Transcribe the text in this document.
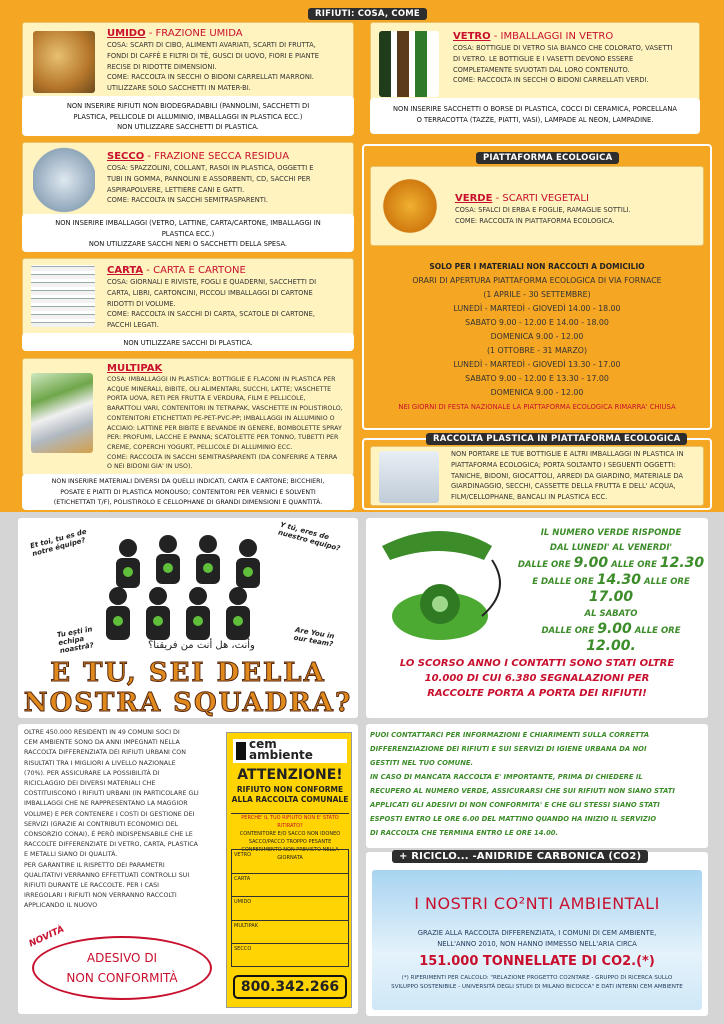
RIFIUTI: COSA, COME
UMIDO - FRAZIONE UMIDA
COSA: SCARTI DI CIBO, ALIMENTI AVARIATI, SCARTI DI FRUTTA,
FONDI DI CAFFÈ E FILTRI DI TÈ, GUSCI DI UOVO, FIORI E PIANTE
RECISE DI RIDOTTE DIMENSIONI.
COME: RACCOLTA IN SECCHI O BIDONI CARRELLATI MARRONI.
UTILIZZARE SOLO SACCHETTI IN MATER-BI.
NON INSERIRE RIFIUTI NON BIODEGRADABILI (PANNOLINI, SACCHETTI DI
PLASTICA, PELLICOLE DI ALLUMINIO, IMBALLAGGI IN PLASTICA ECC.)
NON UTILIZZARE SACCHETTI DI PLASTICA.
VETRO - IMBALLAGGI IN VETRO
COSA: BOTTIGLIE DI VETRO SIA BIANCO CHE COLORATO, VASETTI
DI VETRO. LE BOTTIGLIE E I VASETTI DEVONO ESSERE
COMPLETAMENTE SVUOTATI DAL LORO CONTENUTO.
COME: RACCOLTA IN SECCHI O BIDONI CARRELLATI VERDI.
NON INSERIRE SACCHETTI O BORSE DI PLASTICA, COCCI DI CERAMICA, PORCELLANA
O TERRACOTTA (TAZZE, PIATTI, VASI), LAMPADE AL NEON, LAMPADINE.
SECCO - FRAZIONE SECCA RESIDUA
COSA: SPAZZOLINI, COLLANT, RASOI IN PLASTICA, OGGETTI E
TUBI IN GOMMA, PANNOLINI E ASSORBENTI, CD, SACCHI PER
ASPIRAPOLVERE, LETTIERE CANI E GATTI.
COME: RACCOLTA IN SACCHI SEMITRASPARENTI.
NON INSERIRE IMBALLAGGI (VETRO, LATTINE, CARTA/CARTONE, IMBALLAGGI IN
PLASTICA ECC.)
NON UTILIZZARE SACCHI NERI O SACCHETTI DELLA SPESA.
CARTA - CARTA E CARTONE
COSA: GIORNALI E RIVISTE, FOGLI E QUADERNI, SACCHETTI DI
CARTA, LIBRI, CARTONCINI, PICCOLI IMBALLAGGI DI CARTONE
RIDOTTI DI VOLUME.
COME: RACCOLTA IN SACCHI DI CARTA, SCATOLE DI CARTONE,
PACCHI LEGATI.
NON UTILIZZARE SACCHI DI PLASTICA.
MULTIPAK
COSA: IMBALLAGGI IN PLASTICA: BOTTIGLIE E FLACONI IN PLASTICA PER
ACQUE MINERALI, BIBITE, OLI ALIMENTARI, SUCCHI, LATTE; VASCHETTE
PORTA UOVA, RETI PER FRUTTA E VERDURA, FILM E PELLICOLE,
BARATTOLI VARI, CONTENITORI IN TETRAPAK, VASCHETTE IN POLISTIROLO,
CONTENITORI ETICHETTATI PE-PET-PVC-PP; IMBALLAGGI IN ALLUMINIO O
ACCIAIO: LATTINE PER BIBITE E BEVANDE IN GENERE, BOMBOLETTE SPRAY
PER: PROFUMI, LACCHE E PANNA; SCATOLETTE PER TONNO, TUBETTI PER
CREME, COPERCHI YOGURT, PELLICOLE DI ALLUMINIO ECC.
COME: RACCOLTA IN SACCHI SEMITRASPARENTI (DA CONFERIRE A TERRA
O NEI BIDONI GIA' IN USO).
NON INSERIRE MATERIALI DIVERSI DA QUELLI INDICATI, CARTA E CARTONE; BICCHIERI,
POSATE E PIATTI DI PLASTICA MONOUSO; CONTENITORI PER VERNICI E SOLVENTI
(ETICHETTATI T/F), POLISTIROLO E CELLOPHANE DI GRANDI DIMENSIONI E QUANTITÀ.
PIATTAFORMA ECOLOGICA
VERDE - SCARTI VEGETALI
COSA: SFALCI DI ERBA E FOGLIE, RAMAGLIE SOTTILI.
COME: RACCOLTA IN PIATTAFORMA ECOLOGICA.
SOLO PER I MATERIALI NON RACCOLTI A DOMICILIO
ORARI DI APERTURA PIATTAFORMA ECOLOGICA DI VIA FORNACE
(1 APRILE - 30 SETTEMBRE)
LUNEDÌ - MARTEDÌ - GIOVEDÌ 14.00 - 18.00
SABATO 9.00 - 12.00 E 14.00 - 18.00
DOMENICA 9.00 - 12.00
(1 OTTOBRE - 31 MARZO)
LUNEDÌ - MARTEDÌ - GIOVEDÌ 13.30 - 17.00
SABATO 9.00 - 12.00 E 13.30 - 17.00
DOMENICA 9.00 - 12.00
NEI GIORNI DI FESTA NAZIONALE LA PIATTAFORMA ECOLOGICA RIMARRA' CHIUSA
RACCOLTA PLASTICA IN PIATTAFORMA ECOLOGICA
NON PORTARE LE TUE BOTTIGLIE E ALTRI IMBALLAGGI IN PLASTICA IN
PIATTAFORMA ECOLOGICA; PORTA SOLTANTO I SEGUENTI OGGETTI:
TANICHE, BIDONI, GIOCATTOLI, ARREDI DA GIARDINO, MATERIALE DA
GIARDINAGGIO, SECCHI, CASSETTE DELLA FRUTTA E DELL' ACQUA,
FILM/CELLOPHANE, BANCALI IN PLASTICA ECC.
Et toi, tu es de notre équipe?
Y tú, eres de nuestro equipo?
Tu eşti în echipa noastră?
Are You in our team?
وأنت، هل أنت من فريقنا؟
E TU, SEI DELLA
NOSTRA SQUADRA?
IL NUMERO VERDE RISPONDE
DAL LUNEDI' AL VENERDI'
DALLE ORE 9.00 ALLE ORE 12.30
E DALLE ORE 14.30 ALLE ORE 17.00
AL SABATO
DALLE ORE 9.00 ALLE ORE 12.00.
LO SCORSO ANNO I CONTATTI SONO STATI OLTRE
10.000 DI CUI 6.380 SEGNALAZIONI PER
RACCOLTE PORTA A PORTA DEI RIFIUTI!
OLTRE 450.000 RESIDENTI IN 49 COMUNI SOCI DI
CEM AMBIENTE SONO DA ANNI IMPEGNATI NELLA
RACCOLTA DIFFERENZIATA DEI RIFIUTI URBANI CON
RISULTATI TRA I MIGLIORI A LIVELLO NAZIONALE
(70%). PER ASSICURARE LA POSSIBILITÀ DI
RICICLAGGIO DEI DIVERSI MATERIALI CHE
COSTITUISCONO I RIFIUTI URBANI (IN PARTICOLARE GLI
IMBALLAGGI CHE NE RAPPRESENTANO LA MAGGIOR
VOLUME) E PER CONTENERE I COSTI DI GESTIONE DEI
SERVIZI (GRAZIE AI CONTRIBUTI ECONOMICI DEL
CONSORZIO CONAI), È PERÒ INDISPENSABILE CHE LE
RACCOLTE DIFFERENZIATE DI VETRO, CARTA, PLASTICA
E METALLI SIANO DI QUALITÀ.
PER GARANTIRE IL RISPETTO DEI PARAMETRI
QUALITATIVI VERRANNO EFFETTUATI CONTROLLI SUI
RIFIUTI DURANTE LE RACCOLTE. PER I CASI
IRREGOLARI I RIFIUTI NON VERRANNO RACCOLTI
APPLICANDO IL NUOVO
ADESIVO DI
NON CONFORMITÀ
NOVITÀ
cem
ambiente
ATTENZIONE!
RIFIUTO NON CONFORME
ALLA RACCOLTA COMUNALE
PERCHE' IL TUO RIFIUTO NON E' STATO RITIRATO?
CONTENITORE E/O SACCO NON IDONEO
SACCO/PACCO TROPPO PESANTE
CONFERIMENTO NON PREVISTO NELLA GIORNATA
VETRO
CARTA
UMIDO
MULTIPAK
SECCO
800.342.266
PUOI CONTATTARCI PER INFORMAZIONI E CHIARIMENTI SULLA CORRETTA
DIFFERENZIAZIONE DEI RIFIUTI E SUI SERVIZI DI IGIENE URBANA DA NOI
GESTITI NEL TUO COMUNE.
IN CASO DI MANCATA RACCOLTA E' IMPORTANTE, PRIMA DI CHIEDERE IL
RECUPERO AL NUMERO VERDE, ASSICURARSI CHE SUI RIFIUTI NON SIANO STATI
APPLICATI GLI ADESIVI DI NON CONFORMITA' E CHE GLI STESSI SIANO STATI
ESPOSTI ENTRO LE ORE 6.00 DEL MATTINO QUANDO HA INIZIO IL SERVIZIO
DI RACCOLTA CHE TERMINA ENTRO LE ORE 14.00.
+ RICICLO... -ANIDRIDE CARBONICA (CO2)
I NOSTRI CO²NTI AMBIENTALI
GRAZIE ALLA RACCOLTA DIFFERENZIATA, I COMUNI DI CEM AMBIENTE,
NELL'ANNO 2010, NON HANNO IMMESSO NELL'ARIA CIRCA
151.000 TONNELLATE DI CO2.(*)
(*) RIFERIMENTI PER CALCOLO: "RELAZIONE PROGETTO CO2NTARE - GRUPPO DI RICERCA SULLO
SVILUPPO SOSTENIBILE - UNIVERSITÀ DEGLI STUDI DI MILANO BICOCCA" E DATI INTERNI CEM AMBIENTE
